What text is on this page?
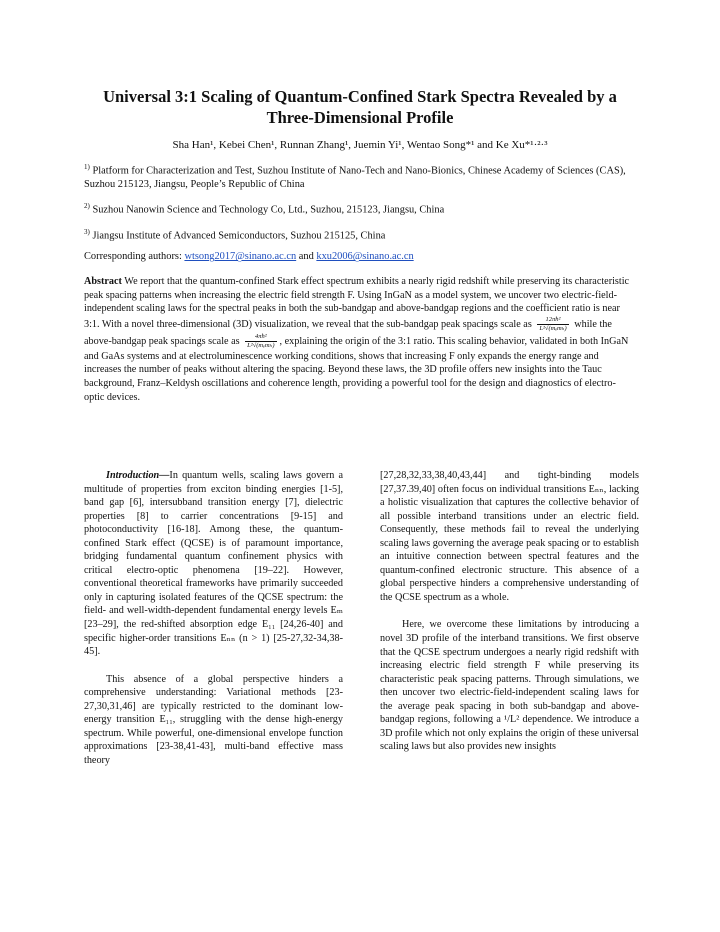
Universal 3:1 Scaling of Quantum-Confined Stark Spectra Revealed by a Three-Dimensional Profile
Sha Han¹, Kebei Chen¹, Runnan Zhang¹, Juemin Yi¹, Wentao Song*¹ and Ke Xu*¹·²·³

$^{1)}$ Platform for Characterization and Test, Suzhou Institute of Nano-Tech and Nano-Bionics, Chinese Academy of Sciences (CAS), Suzhou 215123, Jiangsu, People’s Republic of China

$^{2)}$ Suzhou Nanowin Science and Technology Co, Ltd., Suzhou, 215123, Jiangsu, China

$^{3)}$ Jiangsu Institute of Advanced Semiconductors, Suzhou 215125, China

Corresponding authors: wtsong2017@sinano.ac.cn and kxu2006@sinano.ac.cn

Abstract We report that the quantum-confined Stark effect spectrum exhibits a nearly rigid redshift while preserving its characteristic peak spacing patterns when increasing the electric field strength F. Using InGaN as a model system, we uncover two electric-field-independent scaling laws for the spectral peaks in both the sub-bandgap and above-bandgap regions and the coefficient ratio is near 3:1. With a novel three-dimensional (3D) visualization, we reveal that the sub-bandgap peak spacings scale as $\frac{\text{12πħ²}}{\text{L²√(mₑmₕ)}}$ while the above-bandgap peak spacings scale as $\frac{\text{4πħ²}}{\text{L²√(mₑmₕ)}}$ , explaining the origin of the 3:1 ratio. This scaling behavior, validated in both InGaN and GaAs systems and at electroluminescence working conditions, shows that increasing F only expands the energy range and increases the number of peaks without altering the spacing. Beyond these laws, the 3D profile offers new insights into the Tauc background, Franz–Keldysh oscillations and coherence length, providing a powerful tool for the design and diagnostics of electro-optic devices.

Introduction—In quantum wells, scaling laws govern a multitude of properties from exciton binding energies [1-5], band gap [6], intersubband transition energy [7], dielectric properties [8] to carrier concentrations [9-15] and photoconductivity [16-18]. Among these, the quantum-confined Stark effect (QCSE) is of paramount importance, bridging fundamental quantum confinement physics with critical electro-optic phenomena [19–22]. However, conventional theoretical frameworks have primarily succeeded only in capturing isolated features of the QCSE spectrum: the field- and well-width-dependent fundamental energy levels Eₘ [23–29], the red-shifted absorption edge E₁₁ [24,26-40] and specific higher-order transitions Eₙₙ (n > 1) [25-27,32-34,38-45].

This absence of a global perspective hinders a comprehensive understanding: Variational methods [23-27,30,31,46] are typically restricted to the dominant low-energy transition E₁₁, struggling with the dense high-energy spectrum. While powerful, one-dimensional envelope function approximations [23-38,41-43], multi-band effective mass theory

[27,28,32,33,38,40,43,44] and tight-binding models [27,37.39,40] often focus on individual transitions Eₙₙ, lacking a holistic visualization that captures the collective behavior of all possible interband transitions under an electric field. Consequently, these methods fail to reveal the underlying scaling laws governing the average peak spacing or to establish an intuitive connection between spectral features and the quantum-confined electronic structure. This absence of a global perspective hinders a comprehensive understanding of the QCSE spectrum as a whole.

Here, we overcome these limitations by introducing a novel 3D profile of the interband transitions. We first observe that the QCSE spectrum undergoes a nearly rigid redshift with increasing electric field strength F while preserving its characteristic peak spacing patterns. Through simulations, we then uncover two electric-field-independent scaling laws for the average peak spacing in both sub-bandgap and above-bandgap regions, following a ¹/L² dependence. We introduce a 3D profile which not only explains the origin of these universal scaling laws but also provides new insights
